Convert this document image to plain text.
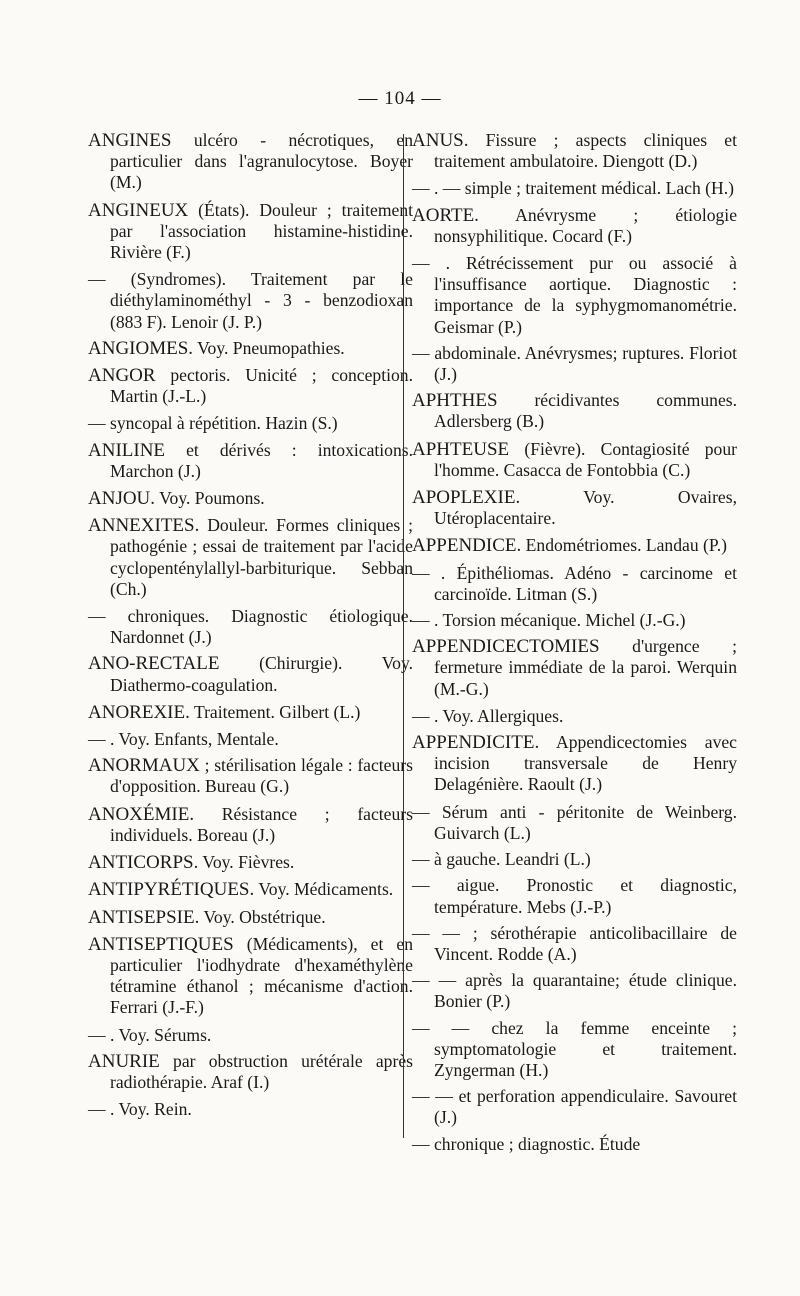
— 104 —

ANGINES ulcéro - nécrotiques, en particulier dans l'agranulocytose. Boyer (M.)

ANGINEUX (États). Douleur ; traitement par l'association histamine-histidine. Rivière (F.)

— (Syndromes). Traitement par le diéthylaminométhyl - 3 - benzodioxan (883 F). Lenoir (J. P.)

ANGIOMES. Voy. Pneumopathies.

ANGOR pectoris. Unicité ; conception. Martin (J.-L.)

— syncopal à répétition. Hazin (S.)

ANILINE et dérivés : intoxications. Marchon (J.)

ANJOU. Voy. Poumons.

ANNEXITES. Douleur. Formes cliniques ; pathogénie ; essai de traitement par l'acide cyclopenténylallyl-barbiturique. Sebban (Ch.)

— chroniques. Diagnostic étiologique. Nardonnet (J.)

ANO-RECTALE (Chirurgie). Voy. Diathermo-coagulation.

ANOREXIE. Traitement. Gilbert (L.)

— . Voy. Enfants, Mentale.

ANORMAUX ; stérilisation légale : facteurs d'opposition. Bureau (G.)

ANOXÉMIE. Résistance ; facteurs individuels. Boreau (J.)

ANTICORPS. Voy. Fièvres.

ANTIPYRÉTIQUES. Voy. Médicaments.

ANTISEPSIE. Voy. Obstétrique.

ANTISEPTIQUES (Médicaments), et en particulier l'iodhydrate d'hexaméthylène tétramine éthanol ; mécanisme d'action. Ferrari (J.-F.)

— . Voy. Sérums.

ANURIE par obstruction urétérale après radiothérapie. Araf (I.)

— . Voy. Rein.

ANUS. Fissure ; aspects cliniques et traitement ambulatoire. Diengott (D.)

— . — simple ; traitement médical. Lach (H.)

AORTE. Anévrysme ; étiologie nonsyphilitique. Cocard (F.)

— . Rétrécissement pur ou associé à l'insuffisance aortique. Diagnostic : importance de la syphygmomanométrie. Geismar (P.)

— abdominale. Anévrysmes; ruptures. Floriot (J.)

APHTHES récidivantes communes. Adlersberg (B.)

APHTEUSE (Fièvre). Contagiosité pour l'homme. Casacca de Fontobbia (C.)

APOPLEXIE. Voy. Ovaires, Utéroplacentaire.

APPENDICE. Endométriomes. Landau (P.)

— . Épithéliomas. Adéno - carcinome et carcinoïde. Litman (S.)

— . Torsion mécanique. Michel (J.-G.)

APPENDICECTOMIES d'urgence ; fermeture immédiate de la paroi. Werquin (M.-G.)

— . Voy. Allergiques.

APPENDICITE. Appendicectomies avec incision transversale de Henry Delagénière. Raoult (J.)

— Sérum anti - péritonite de Weinberg. Guivarch (L.)

— à gauche. Leandri (L.)

— aigue. Pronostic et diagnostic, température. Mebs (J.-P.)

— — ; sérothérapie anticolibacillaire de Vincent. Rodde (A.)

— — après la quarantaine; étude clinique. Bonier (P.)

— — chez la femme enceinte ; symptomatologie et traitement. Zyngerman (H.)

— — et perforation appendiculaire. Savouret (J.)

— chronique ; diagnostic. Étude
